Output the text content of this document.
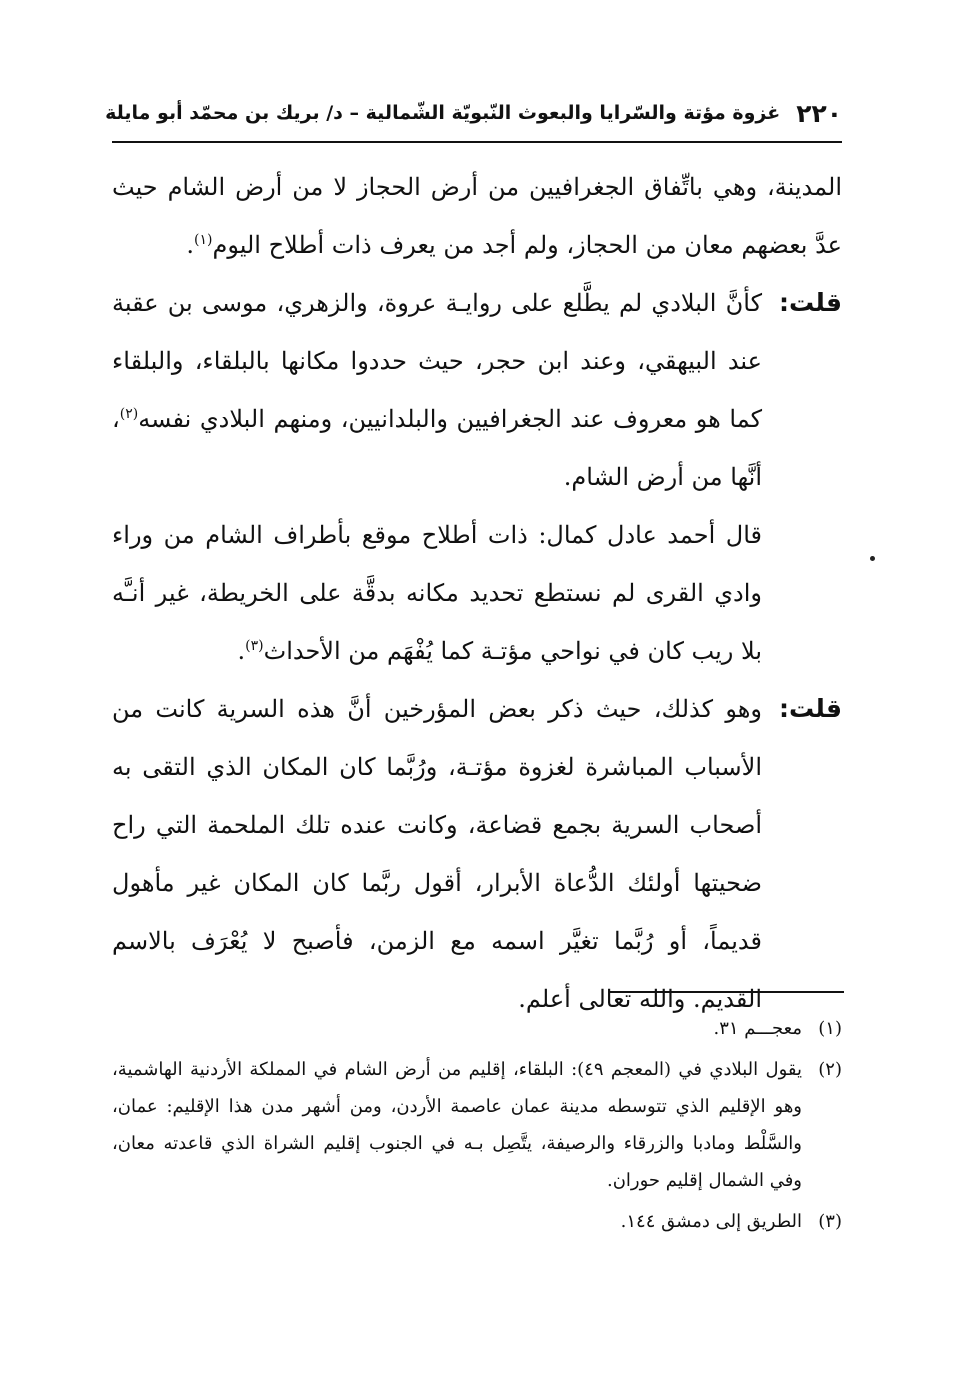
٢٢٠
غزوة مؤتة والسّرايا والبعوث النّبويّة الشّمالية – د/ بريك بن محمّد أبو مايلة

المدينة، وهي باتِّفاق الجغرافيين من أرض الحجاز لا من أرض الشام حيث عدَّ بعضهم معان من الحجاز، ولم أجد من يعرف ذات أطلاح اليوم$^{(١)}$.

قلت:
كأنَّ البلادي لم يطَّلع على روايـة عروة، والزهري، موسى بن عقبة عند البيهقي، وعند ابن حجر، حيث حددوا مكانها بالبلقاء، والبلقاء كما هو معروف عند الجغرافيين والبلدانيين، ومنهم البلادي نفسه$^{(٢)}$، أنَّها من أرض الشام.

قال أحمد عادل كمال: ذات أطلاح موقع بأطراف الشام من وراء وادي القرى لم نستطع تحديد مكانه بدقَّة على الخريطة، غير أنـَّه بلا ريب كان في نواحي مؤتـة كما يُفْهَم من الأحداث$^{(٣)}$.

قلت:
وهو كذلك، حيث ذكر بعض المؤرخين أنَّ هذه السرية كانت من الأسباب المباشرة لغزوة مؤتـة، ورُبَّما كان المكان الذي التقى به أصحاب السرية بجمع قضاعة، وكانت عنده تلك الملحمة التي راح ضحيتها أولئك الدُّعاة الأبرار، أقول ربَّما كان المكان غير مأهول قديماً، أو رُبَّما تغيَّر اسمه مع الزمن، فأصبح لا يُعْرَف بالاسم القديم. والله تعالى أعلم.

(١)
معجـــم ٣١.

(٢)
يقول البلادي في (المعجم ٤٩): البلقاء، إقليم من أرض الشام في المملكة الأردنية الهاشمية، وهو الإقليم الذي تتوسطه مدينة عمان عاصمة الأردن، ومن أشهر مدن هذا الإقليم: عمان، والسَّلْط ومادبا والزرقاء والرصيفة، يتَّصِل بـه في الجنوب إقليم الشراة الذي قاعدته معان، وفي الشمال إقليم حوران.

(٣)
الطريق إلى دمشق ١٤٤.
